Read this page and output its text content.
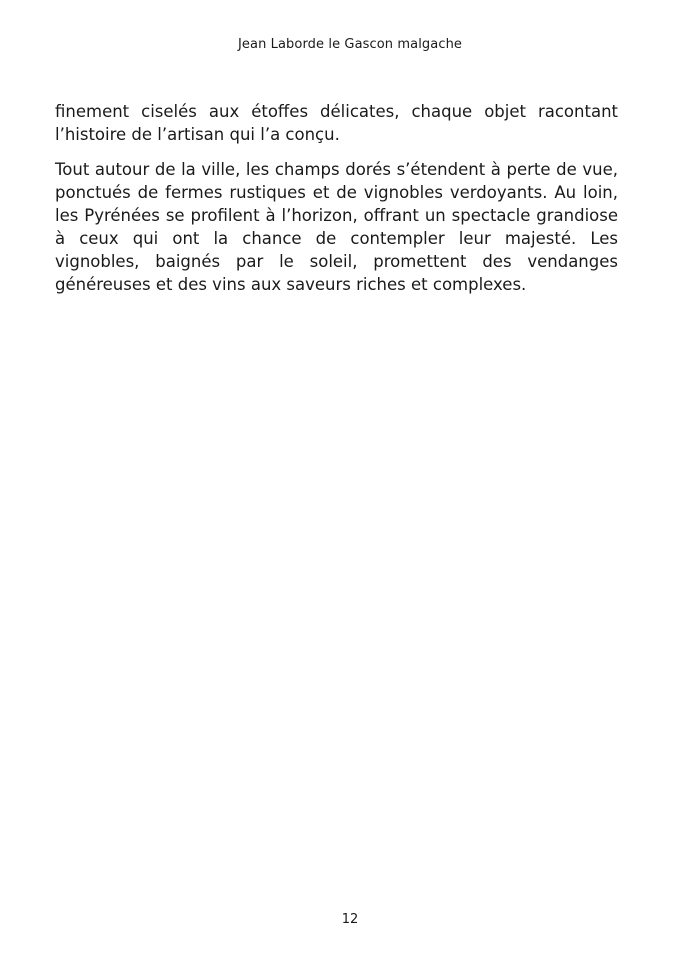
Jean Laborde le Gascon malgache

finement ciselés aux étoffes délicates, chaque objet racontant l’histoire de l’artisan qui l’a conçu.

Tout autour de la ville, les champs dorés s’étendent à perte de vue, ponctués de fermes rustiques et de vignobles verdoyants. Au loin, les Pyrénées se profilent à l’horizon, offrant un spectacle grandiose à ceux qui ont la chance de contempler leur majesté. Les vignobles, baignés par le soleil, promettent des vendanges généreuses et des vins aux saveurs riches et complexes.

12
